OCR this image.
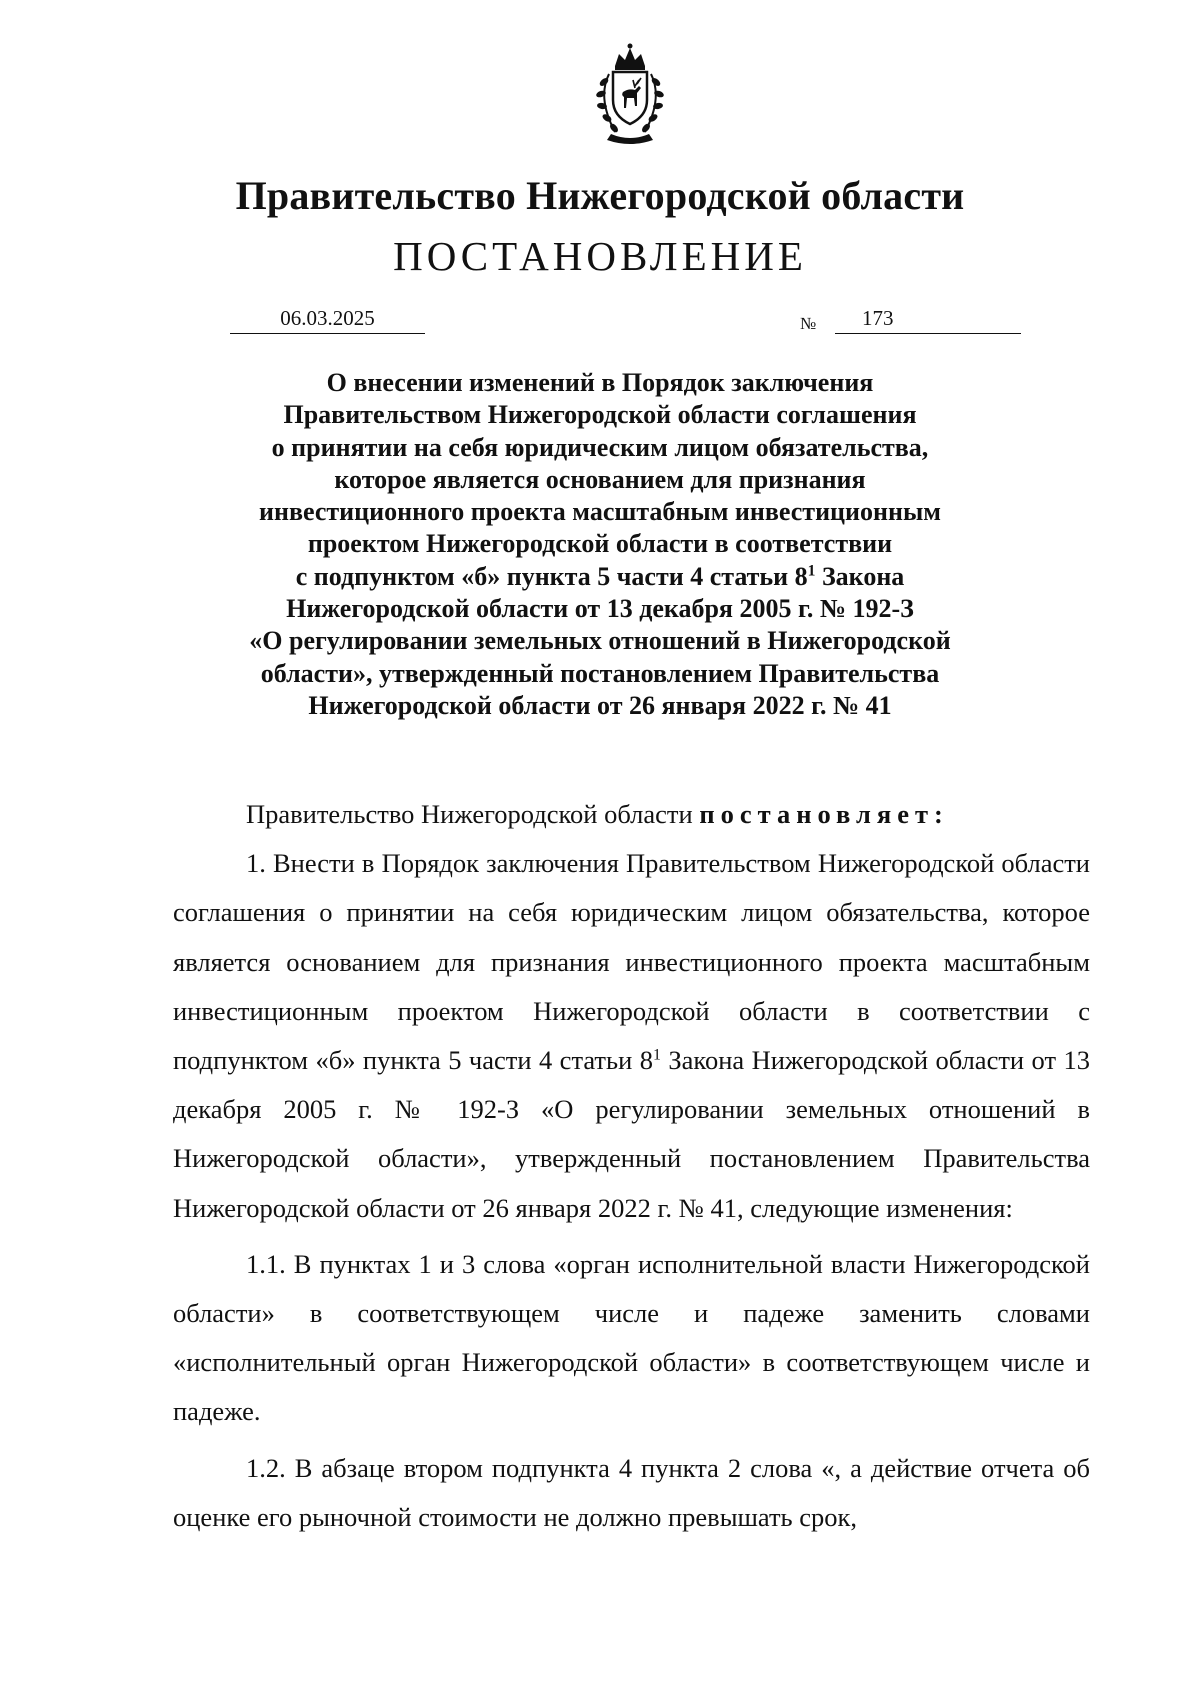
Правительство Нижегородской области
ПОСТАНОВЛЕНИЕ
06.03.2025	№ 173
О внесении изменений в Порядок заключения
Правительством Нижегородской области соглашения
о принятии на себя юридическим лицом обязательства,
которое является основанием для признания
инвестиционного проекта масштабным инвестиционным
проектом Нижегородской области в соответствии
с подпунктом «б» пункта 5 части 4 статьи $8^1$ Закона
Нижегородской области от 13 декабря 2005 г. № 192-З
«О регулировании земельных отношений в Нижегородской
области», утвержденный постановлением Правительства
Нижегородской области от 26 января 2022 г. № 41

Правительство Нижегородской области постановляет:

1. Внести в Порядок заключения Правительством Нижегородской области соглашения о принятии на себя юридическим лицом обязательства, которое является основанием для признания инвестиционного проекта масштабным инвестиционным проектом Нижегородской области в соответствии с подпунктом «б» пункта 5 части 4 статьи $8^1$ Закона Нижегородской области от 13 декабря 2005 г. № 192-З «О регулировании земельных отношений в Нижегородской области», утвержденный постановлением Правительства Нижегородской области от 26 января 2022 г. № 41, следующие изменения:

1.1. В пунктах 1 и 3 слова «орган исполнительной власти Нижегородской области» в соответствующем числе и падеже заменить словами «исполнительный орган Нижегородской области» в соответствующем числе и падеже.

1.2. В абзаце втором подпункта 4 пункта 2 слова «, а действие отчета об оценке его рыночной стоимости не должно превышать срок,
